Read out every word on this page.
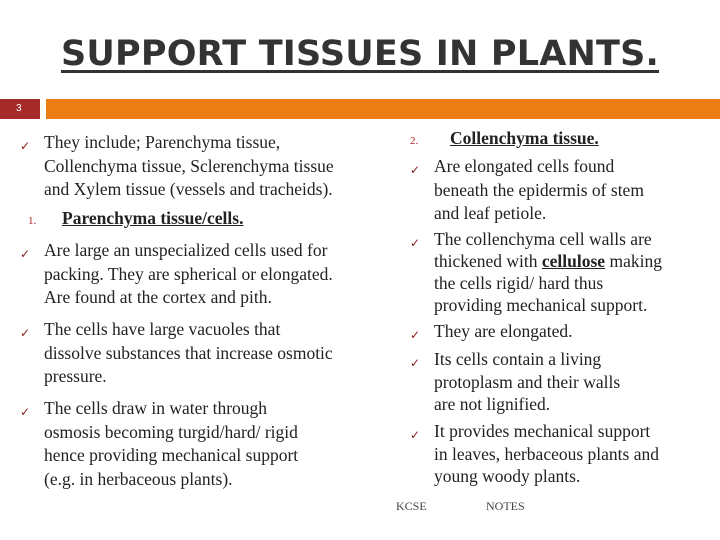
SUPPORT TISSUES IN PLANTS.
3
✓ They include; Parenchyma tissue,
Collenchyma tissue, Sclerenchyma tissue
and Xylem tissue (vessels and tracheids).
1. Parenchyma tissue/cells.
✓ Are large an unspecialized cells used for
packing. They are spherical or elongated.
Are found at the cortex and pith.
✓ The cells have large vacuoles that
dissolve substances that increase osmotic
pressure.
✓ The cells draw in water through
osmosis becoming turgid/hard/ rigid
hence providing mechanical support
(e.g. in herbaceous plants).
2. Collenchyma tissue.
✓ Are elongated cells found
beneath the epidermis of stem
and leaf petiole.
✓ The collenchyma cell walls are
thickened with cellulose making
the cells rigid/ hard thus
providing mechanical support.
✓ They are elongated.
✓ Its cells contain a living
protoplasm and their walls
are not lignified.
✓ It provides mechanical support
in leaves, herbaceous plants and
young woody plants.
KCSE	NOTES
